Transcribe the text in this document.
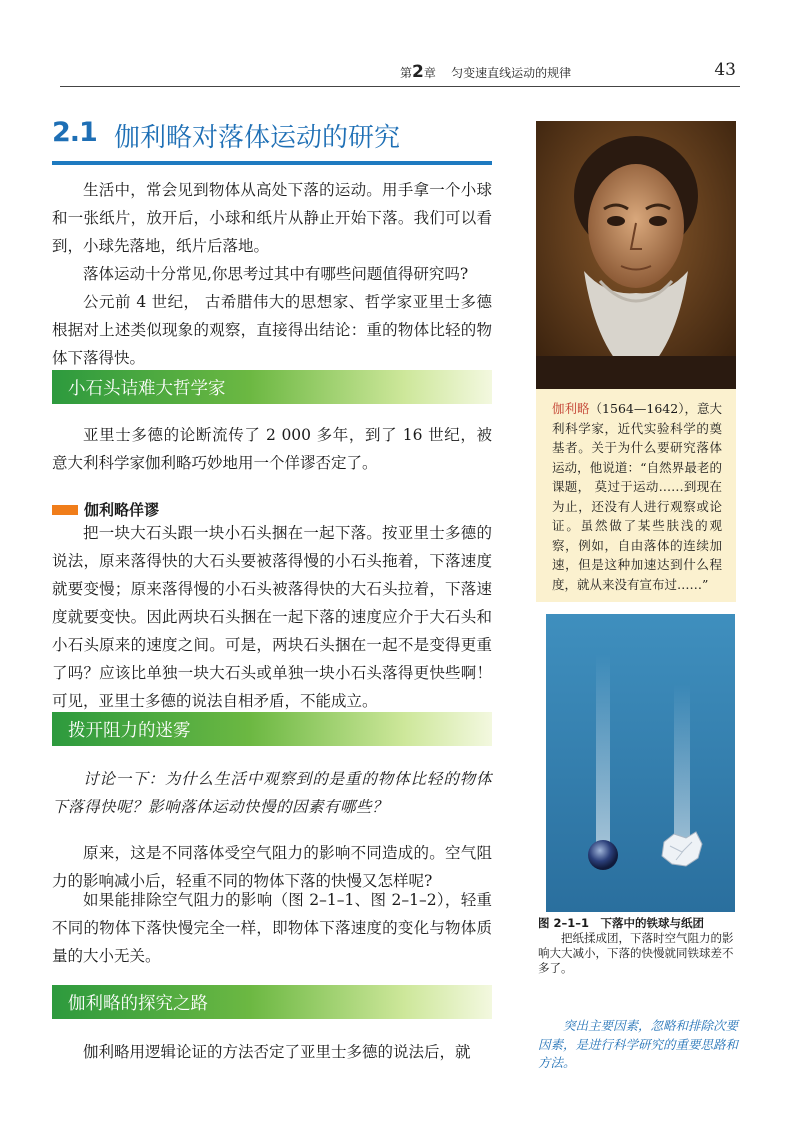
第2章 匀变速直线运动的规律	43
2.1 伽利略对落体运动的研究

生活中，常会见到物体从高处下落的运动。用手拿一个小球和一张纸片，放开后，小球和纸片从静止开始下落。我们可以看到，小球先落地，纸片后落地。

落体运动十分常见,你思考过其中有哪些问题值得研究吗?

公元前 4 世纪， 古希腊伟大的思想家、哲学家亚里士多德根据对上述类似现象的观察，直接得出结论：重的物体比轻的物体下落得快。

小石头诘难大哲学家

亚里士多德的论断流传了 2 000 多年，到了 16 世纪，被意大利科学家伽利略巧妙地用一个佯谬否定了。

伽利略佯谬

把一块大石头跟一块小石头捆在一起下落。按亚里士多德的说法，原来落得快的大石头要被落得慢的小石头拖着，下落速度就要变慢；原来落得慢的小石头被落得快的大石头拉着，下落速度就要变快。因此两块石头捆在一起下落的速度应介于大石头和小石头原来的速度之间。可是，两块石头捆在一起不是变得更重了吗？应该比单独一块大石头或单独一块小石头落得更快些啊！可见，亚里士多德的说法自相矛盾，不能成立。

拨开阻力的迷雾

讨论一下：为什么生活中观察到的是重的物体比轻的物体下落得快呢？影响落体运动快慢的因素有哪些？

原来，这是不同落体受空气阻力的影响不同造成的。空气阻力的影响减小后，轻重不同的物体下落的快慢又怎样呢?

如果能排除空气阻力的影响（图 2–1–1、图 2–1–2），轻重不同的物体下落快慢完全一样，即物体下落速度的变化与物体质量的大小无关。

伽利略的探究之路

伽利略用逻辑论证的方法否定了亚里士多德的说法后，就

伽利略（1564—1642），意大利科学家，近代实验科学的奠基者。关于为什么要研究落体运动，他说道：“自然界最老的课题， 莫过于运动……到现在为止，还没有人进行观察或论证。虽然做了某些肤浅的观察，例如，自由落体的连续加速，但是这种加速达到什么程度，就从来没有宣布过……”

图 2–1–1　下落中的铁球与纸团

把纸揉成团，下落时空气阻力的影响大大减小，下落的快慢就同铁球差不多了。

突出主要因素，忽略和排除次要因素，是进行科学研究的重要思路和方法。
